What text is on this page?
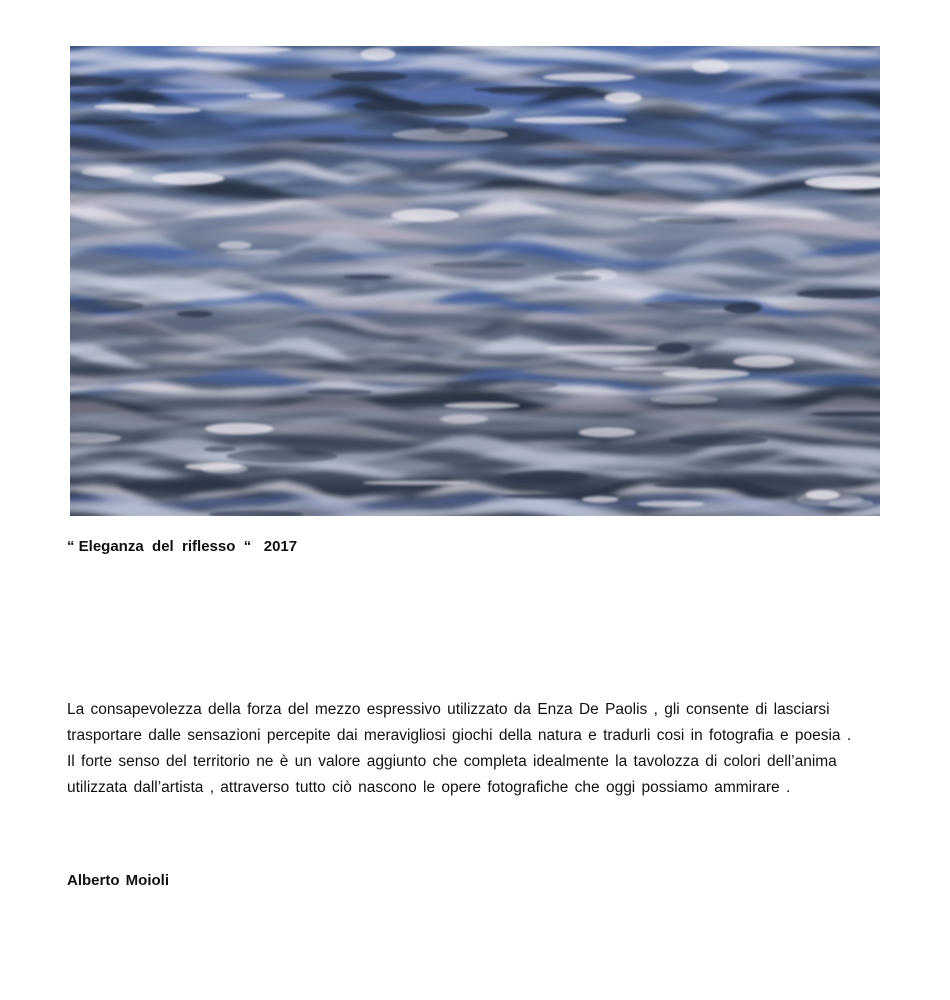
“ Eleganza  del  riflesso  “   2017

La consapevolezza della forza del mezzo espressivo utilizzato da Enza De Paolis , gli consente di lasciarsi trasportare dalle sensazioni percepite dai meravigliosi giochi della natura e tradurli cosi in fotografia e poesia .

Il forte senso del territorio ne è un valore aggiunto che completa idealmente la tavolozza di colori dell’anima utilizzata dall’artista , attraverso tutto ciò nascono le opere fotografiche che oggi possiamo ammirare .

Alberto Moioli
